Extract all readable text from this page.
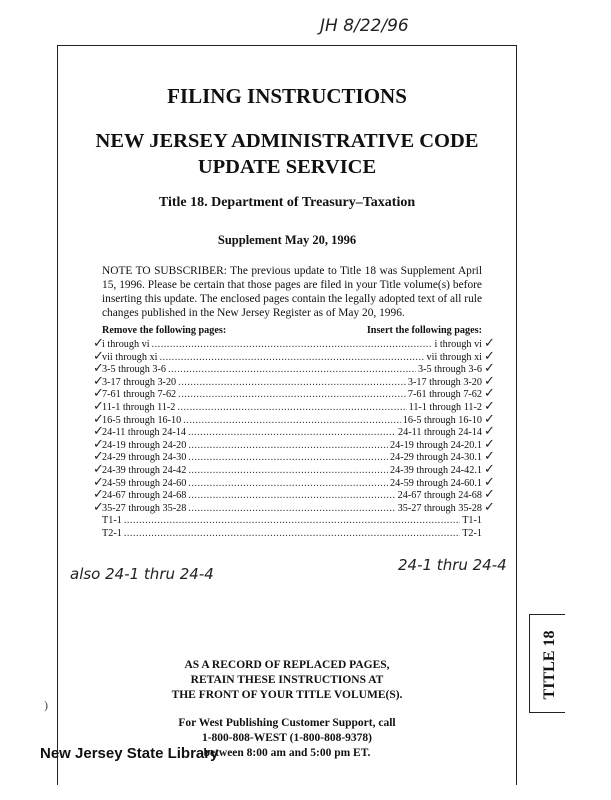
JH 8/22/96
FILING INSTRUCTIONS
NEW JERSEY ADMINISTRATIVE CODE
UPDATE SERVICE
Title 18. Department of Treasury–Taxation
Supplement May 20, 1996
NOTE TO SUBSCRIBER: The previous update to Title 18 was Supplement April 15, 1996. Please be certain that those pages are filed in your Title volume(s) before inserting this update. The enclosed pages contain the legally adopted text of all rule changes published in the New Jersey Register as of May 20, 1996.
Remove the following pages:	Insert the following pages:
i through vi .....	i through vi
vii through xi .....	vii through xi
3-5 through 3-6 .....	3-5 through 3-6
3-17 through 3-20 .....	3-17 through 3-20
7-61 through 7-62 .....	7-61 through 7-62
11-1 through 11-2 .....	11-1 through 11-2
16-5 through 16-10 .....	16-5 through 16-10
24-11 through 24-14 .....	24-11 through 24-14
24-19 through 24-20 .....	24-19 through 24-20.1
24-29 through 24-30 .....	24-29 through 24-30.1
24-39 through 24-42 .....	24-39 through 24-42.1
24-59 through 24-60 .....	24-59 through 24-60.1
24-67 through 24-68 .....	24-67 through 24-68
35-27 through 35-28 .....	35-27 through 35-28
T1-1 .....	T1-1
T2-1 .....	T2-1
also 24-1 thru 24-4	24-1 thru 24-4
AS A RECORD OF REPLACED PAGES,
RETAIN THESE INSTRUCTIONS AT
THE FRONT OF YOUR TITLE VOLUME(S).
For West Publishing Customer Support, call
1-800-808-WEST (1-800-808-9378)
between 8:00 am and 5:00 pm ET.
New Jersey State Library
TITLE 18
)
✓	✓
✓	✓
✓	✓
✓	✓
✓	✓
✓	✓
✓	✓
✓	✓
✓	✓
✓	✓
✓	✓
✓	✓
✓	✓
✓	✓
